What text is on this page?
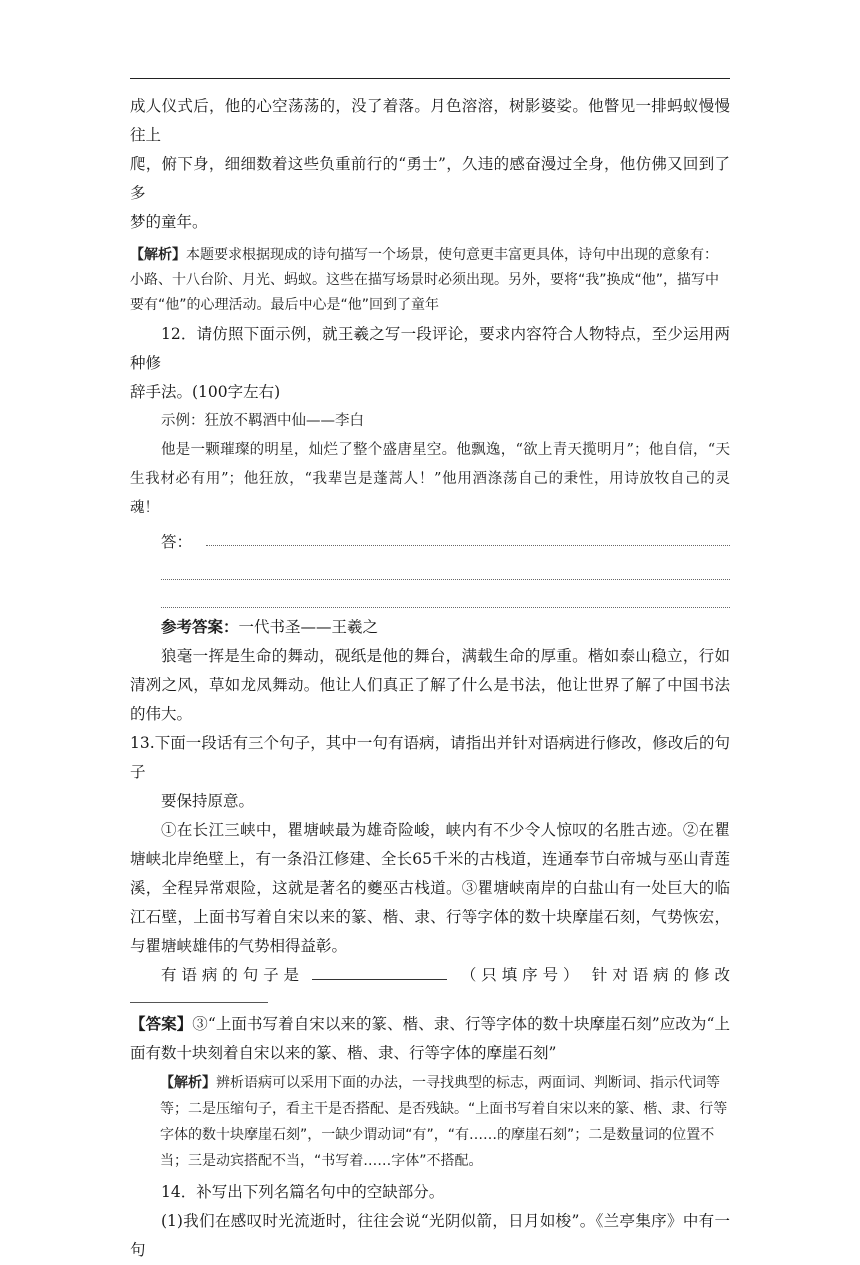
成人仪式后，他的心空荡荡的，没了着落。月色溶溶，树影婆娑。他瞥见一排蚂蚁慢慢往上

爬，俯下身，细细数着这些负重前行的“勇士”，久违的感奋漫过全身，他仿佛又回到了多

梦的童年。

【解析】本题要求根据现成的诗句描写一个场景，使句意更丰富更具体，诗句中出现的意象有：小路、十八台阶、月光、蚂蚁。这些在描写场景时必须出现。另外，要将“我”换成“他”，描写中要有“他”的心理活动。最后中心是“他”回到了童年

12．请仿照下面示例，就王羲之写一段评论，要求内容符合人物特点，至少运用两种修

辞手法。(100字左右)

示例：狂放不羁酒中仙——李白

他是一颗璀璨的明星，灿烂了整个盛唐星空。他飘逸，“欲上青天揽明月”；他自信，“天生我材必有用”；他狂放，“我辈岂是蓬蒿人！”他用酒涤荡自己的秉性，用诗放牧自己的灵魂！

答：

参考答案：一代书圣——王羲之

狼毫一挥是生命的舞动，砚纸是他的舞台，满载生命的厚重。楷如泰山稳立，行如清冽之风，草如龙凤舞动。他让人们真正了解了什么是书法，他让世界了解了中国书法的伟大。

13.下面一段话有三个句子，其中一句有语病，请指出并针对语病进行修改，修改后的句子

要保持原意。

①在长江三峡中，瞿塘峡最为雄奇险峻，峡内有不少令人惊叹的名胜古迹。②在瞿塘峡北岸绝壁上，有一条沿江修建、全长65千米的古栈道，连通奉节白帝城与巫山青莲溪，全程异常艰险，这就是著名的夔巫古栈道。③瞿塘峡南岸的白盐山有一处巨大的临江石壁，上面书写着自宋以来的篆、楷、隶、行等字体的数十块摩崖石刻，气势恢宏，与瞿塘峡雄伟的气势相得益彰。

有 语 病 的 句 子 是	（ 只 填 序 号 ） 针 对 语 病 的 修 改

【答案】③“上面书写着自宋以来的篆、楷、隶、行等字体的数十块摩崖石刻”应改为“上面有数十块刻着自宋以来的篆、楷、隶、行等字体的摩崖石刻”

【解析】辨析语病可以采用下面的办法，一寻找典型的标志，两面词、判断词、指示代词等等；二是压缩句子，看主干是否搭配、是否残缺。“上面书写着自宋以来的篆、楷、隶、行等字体的数十块摩崖石刻”，一缺少谓动词“有”，“有……的摩崖石刻”；二是数量词的位置不当；三是动宾搭配不当，“书写着……字体”不搭配。

14．补写出下列名篇名句中的空缺部分。

(1)我们在感叹时光流逝时，往往会说“光阴似箭，日月如梭”。《兰亭集序》中有一句
